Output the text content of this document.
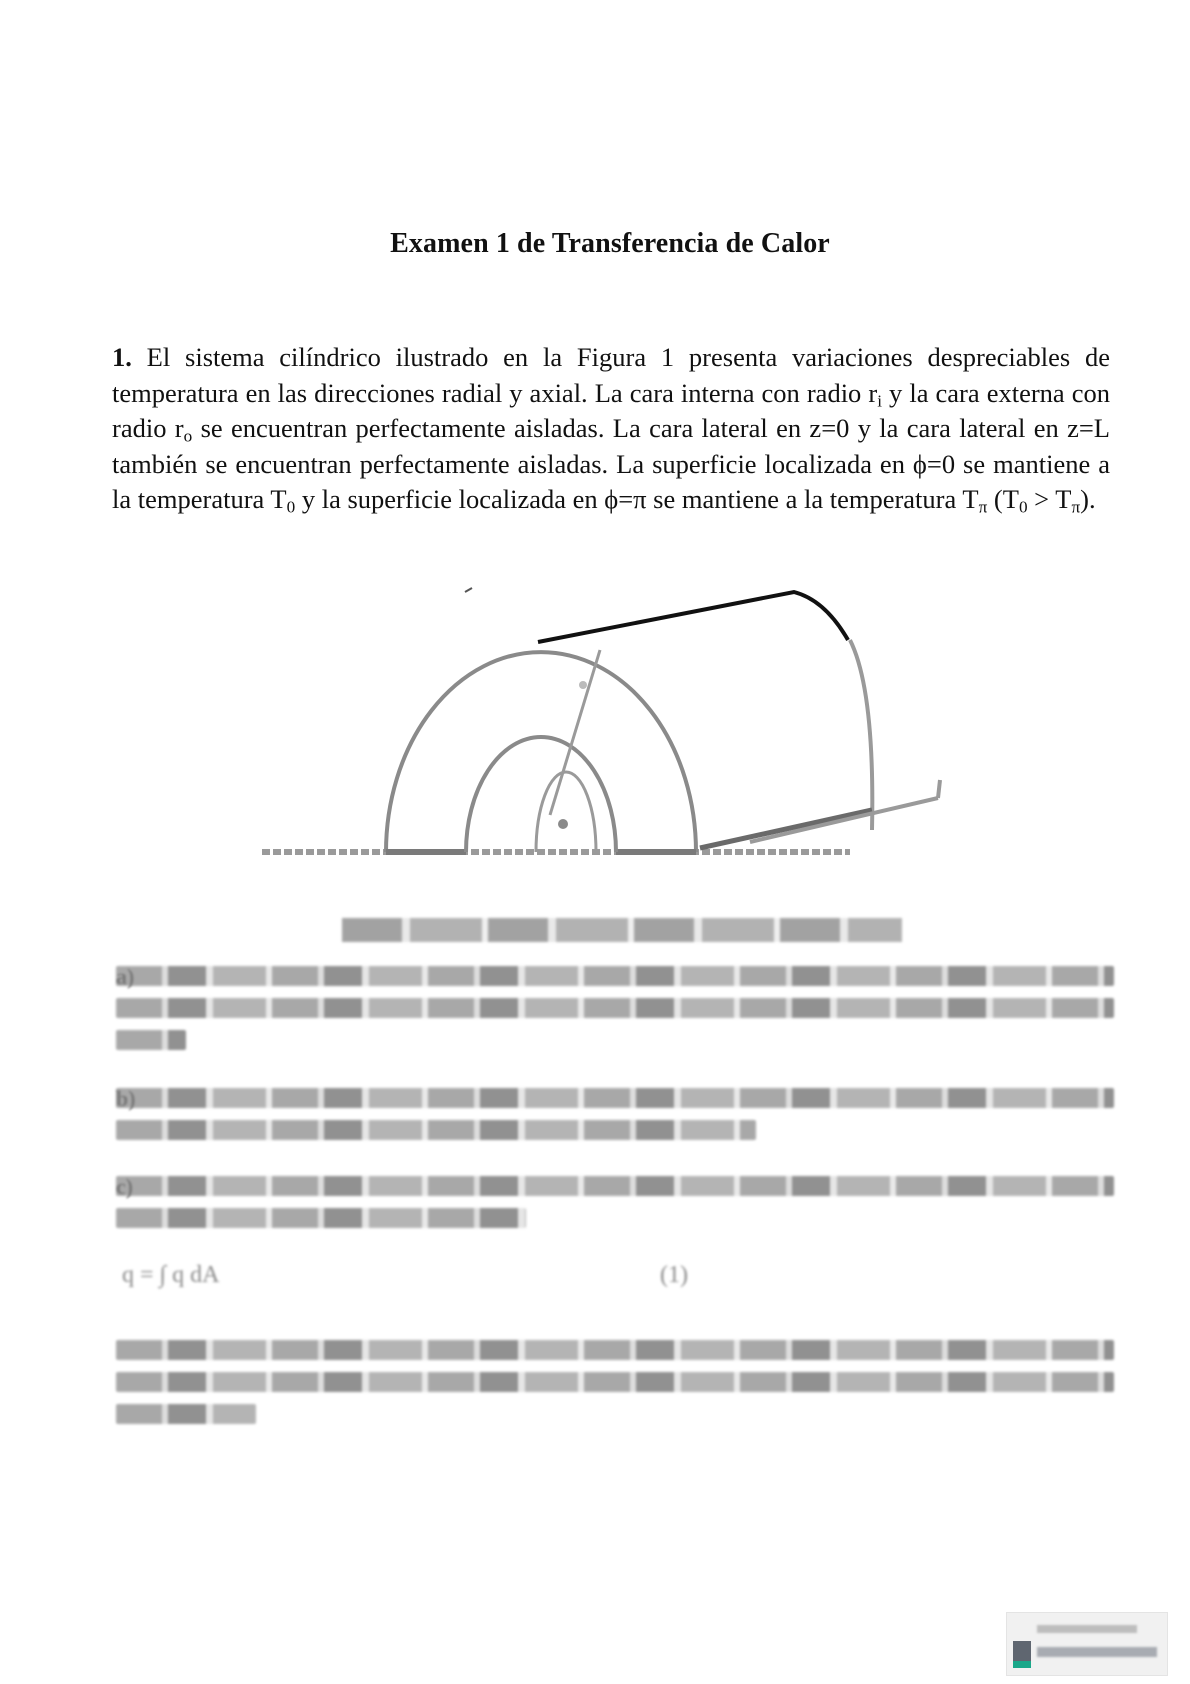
Examen 1 de Transferencia de Calor
1. El sistema cilíndrico ilustrado en la Figura 1 presenta variaciones despreciables de temperatura en las direcciones radial y axial. La cara interna con radio $r_i$ y la cara externa con radio $r_o$ se encuentran perfectamente aisladas. La cara lateral en z=0 y la cara lateral en z=L también se encuentran perfectamente aisladas. La superficie localizada en ϕ=0 se mantiene a la temperatura $T_0$ y la superficie localizada en ϕ=π se mantiene a la temperatura $T_\pi$ $(T_0 > T_\pi)$.
a)
b)
c)
q = ∫ q dA	(1)
